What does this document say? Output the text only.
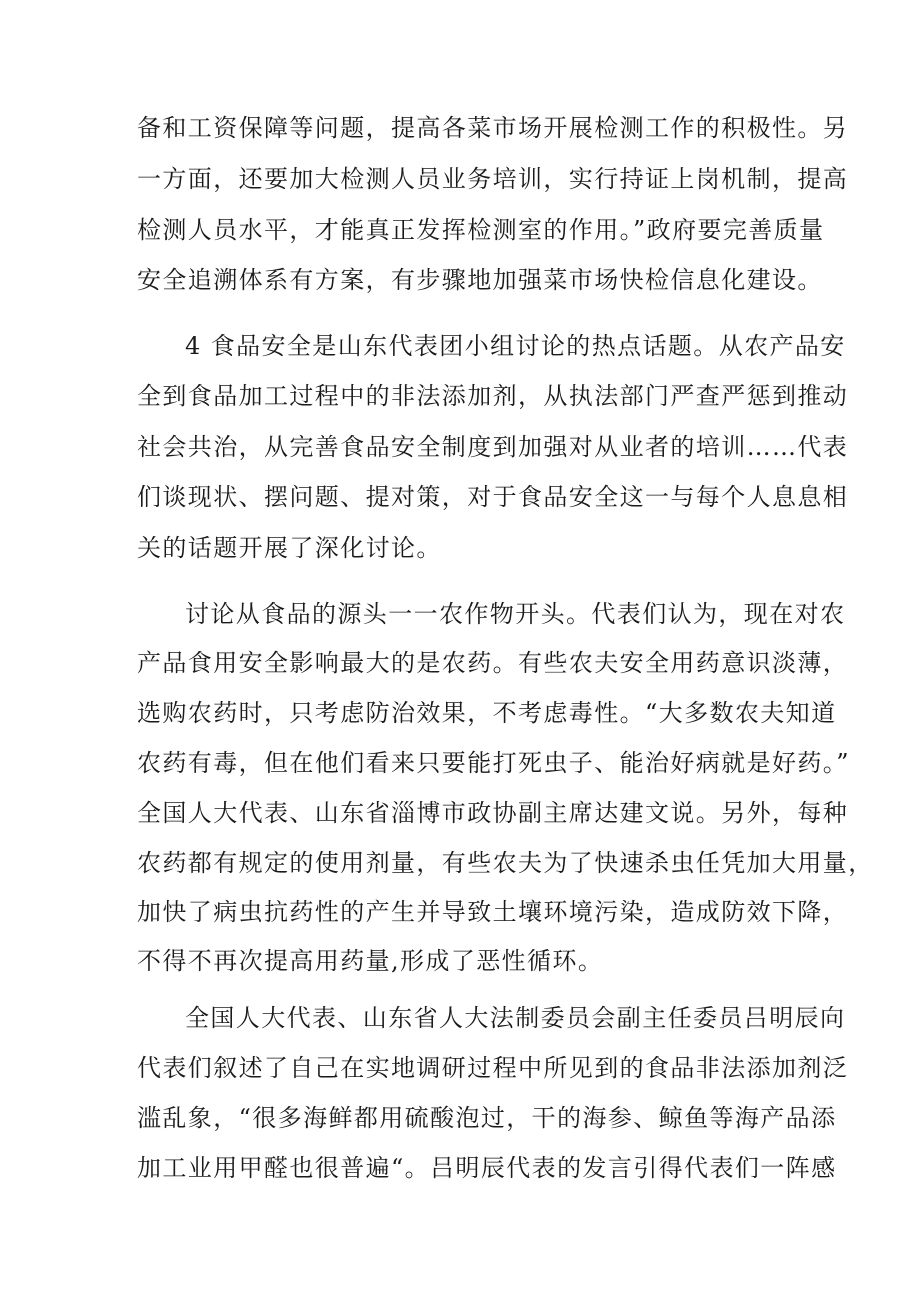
备和工资保障等问题，提高各菜市场开展检测工作的积极性。另
一方面，还要加大检测人员业务培训，实行持证上岗机制，提高
检测人员水平，才能真正发挥检测室的作用。”政府要完善质量
安全追溯体系有方案，有步骤地加强菜市场快检信息化建设。
4 食品安全是山东代表团小组讨论的热点话题。从农产品安
全到食品加工过程中的非法添加剂，从执法部门严查严惩到推动
社会共治，从完善食品安全制度到加强对从业者的培训……代表
们谈现状、摆问题、提对策，对于食品安全这一与每个人息息相
关的话题开展了深化讨论。
讨论从食品的源头一一农作物开头。代表们认为，现在对农
产品食用安全影响最大的是农药。有些农夫安全用药意识淡薄，
选购农药时，只考虑防治效果，不考虑毒性。“大多数农夫知道
农药有毒，但在他们看来只要能打死虫子、能治好病就是好药。”
全国人大代表、山东省淄博市政协副主席达建文说。另外，每种
农药都有规定的使用剂量，有些农夫为了快速杀虫任凭加大用量，
加快了病虫抗药性的产生并导致土壤环境污染，造成防效下降，
不得不再次提高用药量,形成了恶性循环。
全国人大代表、山东省人大法制委员会副主任委员吕明辰向
代表们叙述了自己在实地调研过程中所见到的食品非法添加剂泛
滥乱象，“很多海鲜都用硫酸泡过，干的海参、鲸鱼等海产品添
加工业用甲醛也很普遍“。吕明辰代表的发言引得代表们一阵感
